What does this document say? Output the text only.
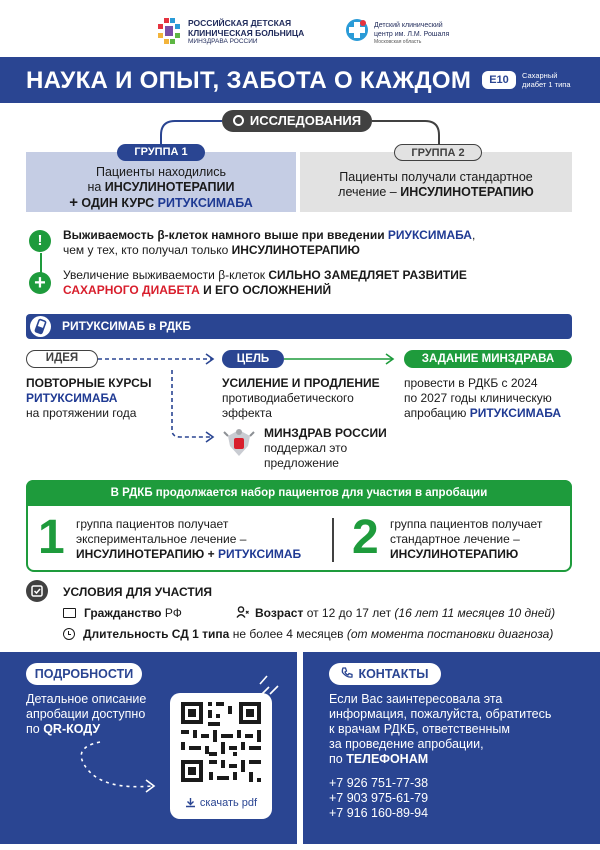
РОССИЙСКАЯ ДЕТСКАЯ
КЛИНИЧЕСКАЯ БОЛЬНИЦА
МИНЗДРАВА РОССИИ
Детский клинический
центр им. Л.М. Рошаля
Московская область
НАУКА И ОПЫТ, ЗАБОТА О КАЖДОМ	E10	Сахарный
диабет 1 типа
ИССЛЕДОВАНИЯ
ГРУППА 1	ГРУППА 2
Пациенты находились
на ИНСУЛИНОТЕРАПИИ
+ ОДИН КУРС РИТУКСИМАБА
Пациенты получали стандартное
лечение – ИНСУЛИНОТЕРАПИЮ
!	Выживаемость β-клеток намного выше при введении РИУКСИМАБА,
чем у тех, кто получал только ИНСУЛИНОТЕРАПИЮ
+	Увеличение выживаемости β-клеток СИЛЬНО ЗАМЕДЛЯЕТ РАЗВИТИЕ
САХАРНОГО ДИАБЕТА И ЕГО ОСЛОЖНЕНИЙ
РИТУКСИМАБ в РДКБ
ИДЕЯ	ЦЕЛЬ	ЗАДАНИЕ МИНЗДРАВА
ПОВТОРНЫЕ КУРСЫ
РИТУКСИМАБА
на протяжении года
УСИЛЕНИЕ И ПРОДЛЕНИЕ
противодиабетического
эффекта
провести в РДКБ с 2024
по 2027 годы клиническую
апробацию РИТУКСИМАБА
МИНЗДРАВ РОССИИ
поддержал это
предложение
В РДКБ продолжается набор пациентов для участия в апробации
1 группа пациентов получает
экспериментальное лечение –
ИНСУЛИНОТЕРАПИЮ + РИТУКСИМАБ	2 группа пациентов получает
стандартное лечение –
ИНСУЛИНОТЕРАПИЮ
УСЛОВИЯ ДЛЯ УЧАСТИЯ
Гражданство РФ	Возраст от 12 до 17 лет (16 лет 11 месяцев 10 дней)
Длительность СД 1 типа не более 4 месяцев (от момента постановки диагноза)
ПОДРОБНОСТИ
Детальное описание
апробации доступно
по QR-КОДУ
скачать pdf
КОНТАКТЫ
Если Вас заинтересовала эта
информация, пожалуйста, обратитесь
к врачам РДКБ, ответственным
за проведение апробации,
по ТЕЛЕФОНАМ
+7 926 751-77-38
+7 903 975-61-79
+7 916 160-89-94
